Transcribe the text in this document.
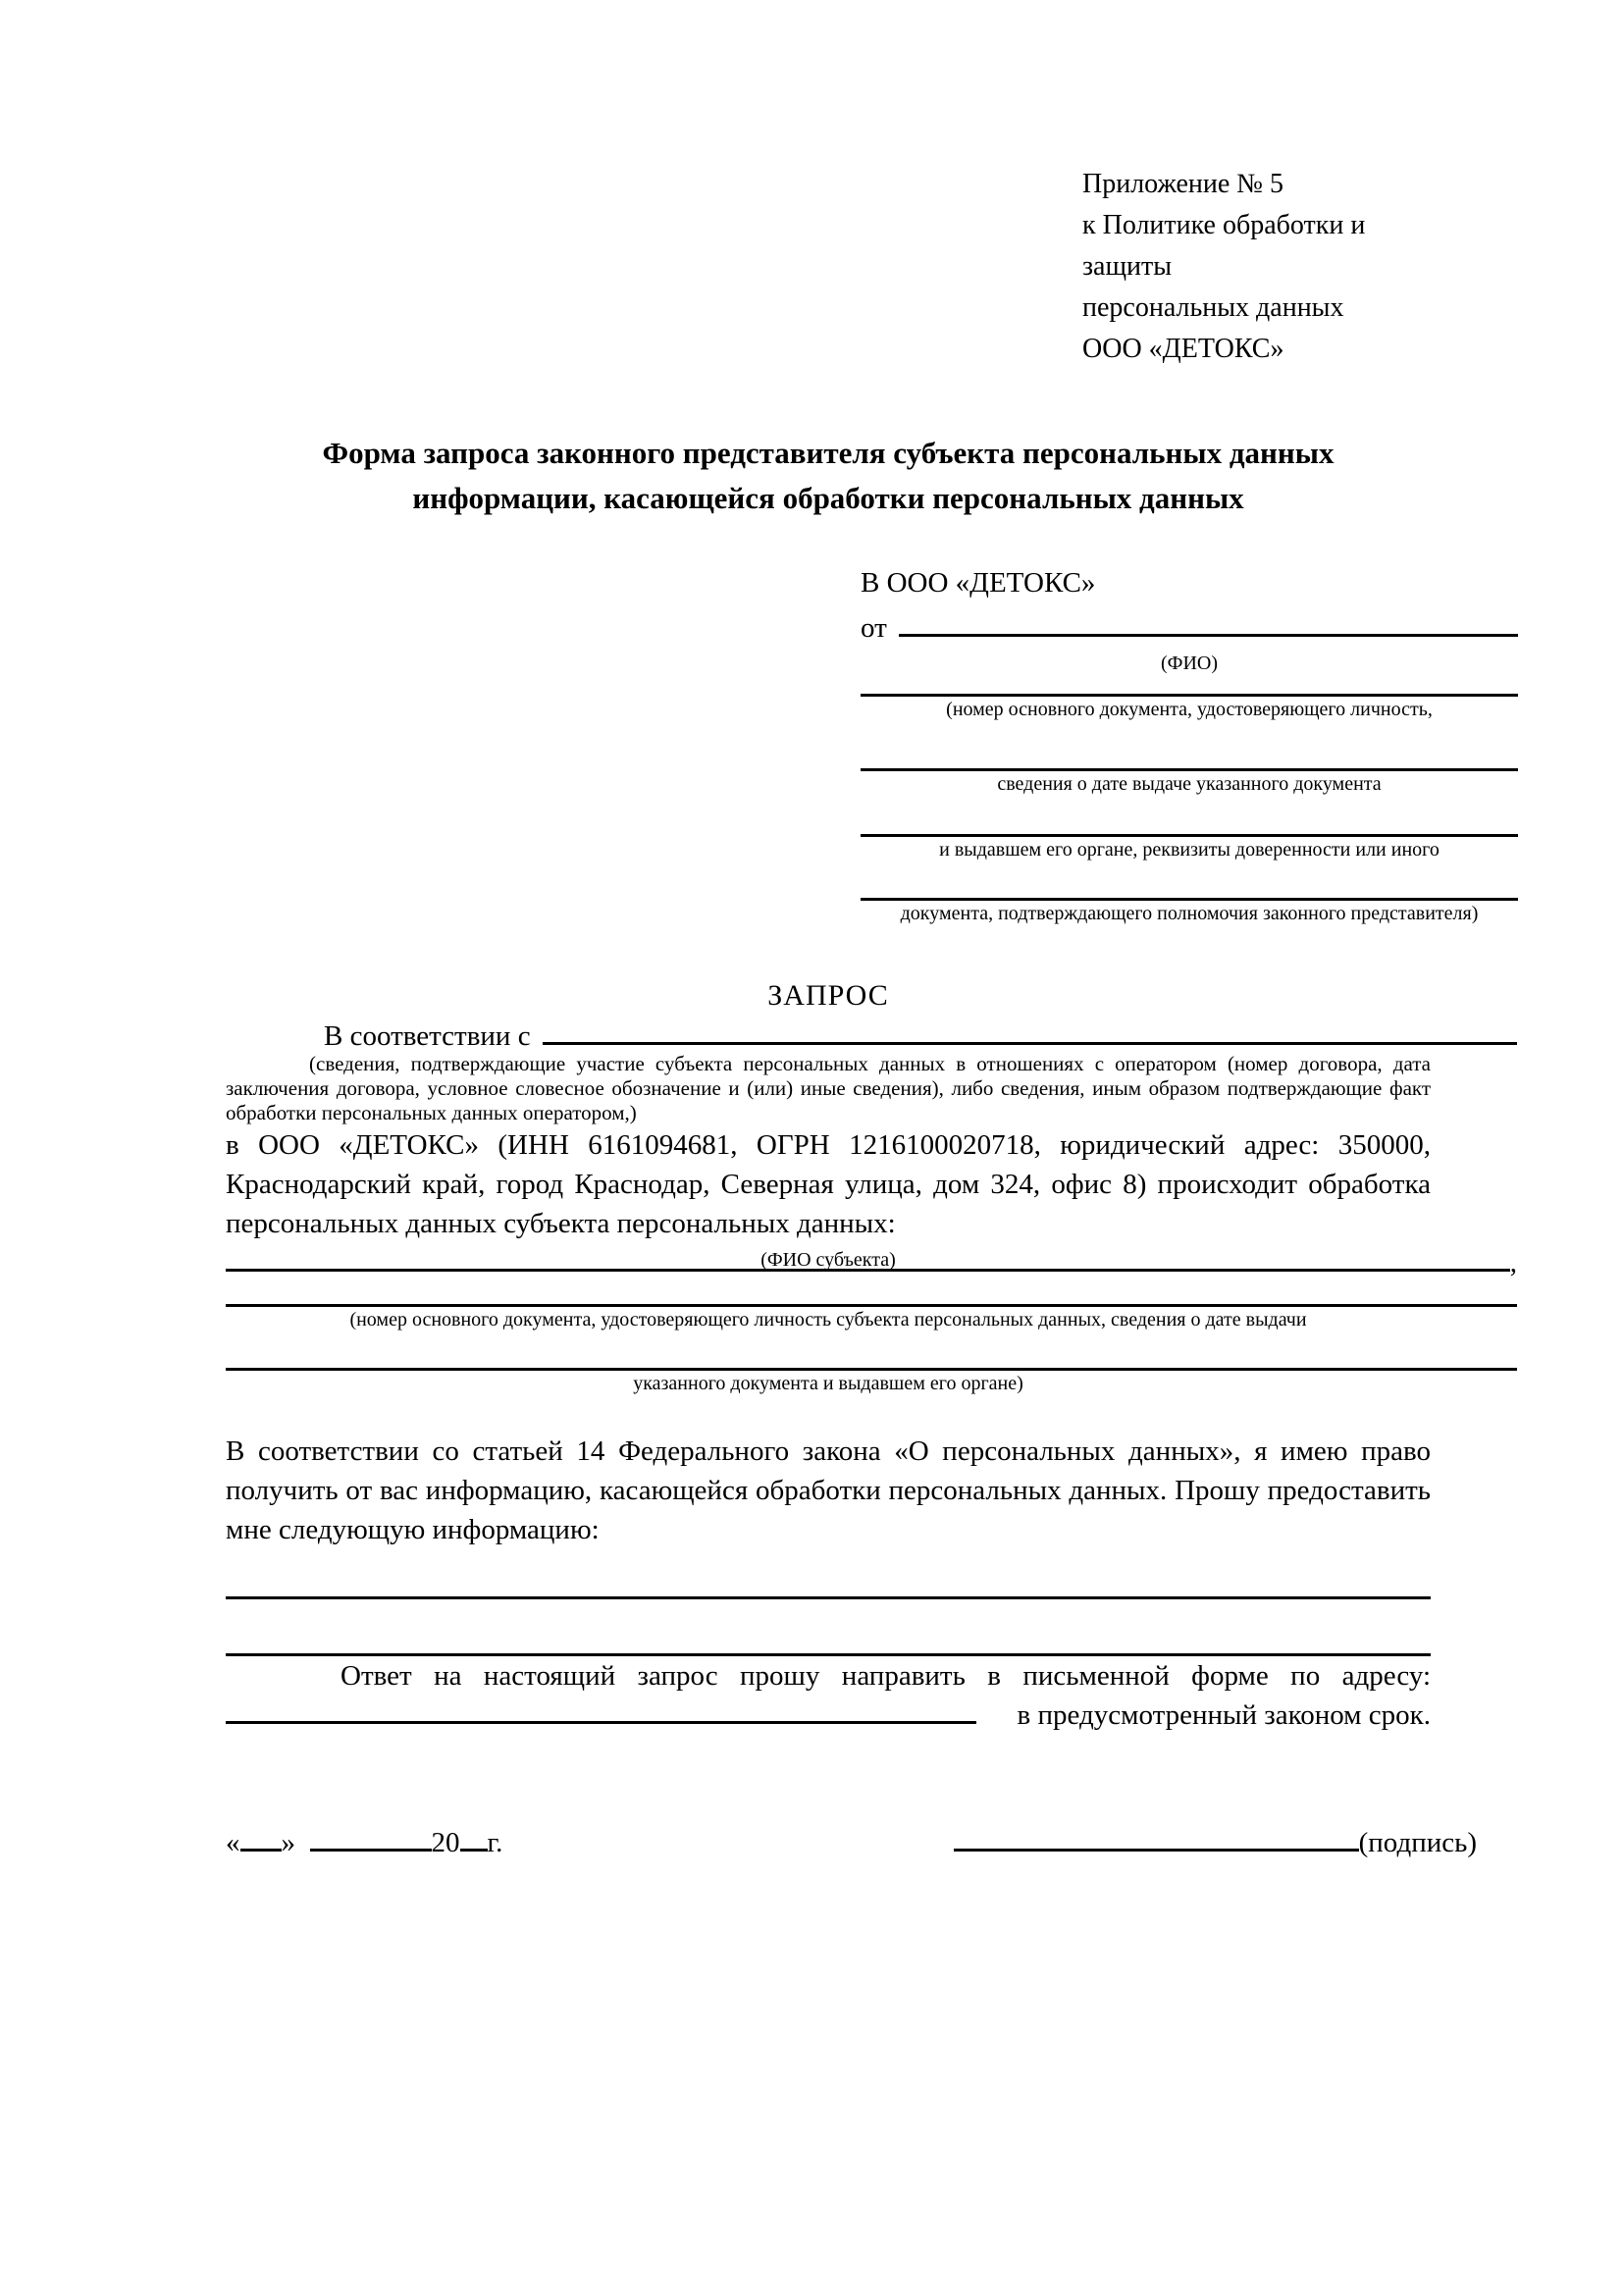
Приложение № 5
к Политике обработки и защиты
персональных данных
ООО «ДЕТОКС»
Форма запроса законного представителя субъекта персональных данных
информации, касающейся обработки персональных данных
В ООО «ДЕТОКС»
от
(ФИО)
(номер основного документа, удостоверяющего личность,
сведения о дате выдаче указанного документа
и выдавшем его органе, реквизиты доверенности или иного
документа, подтверждающего полномочия законного представителя)
ЗАПРОС
В соответствии с
(сведения, подтверждающие участие субъекта персональных данных в отношениях с оператором (номер договора, дата заключения договора, условное словесное обозначение и (или) иные сведения), либо сведения, иным образом подтверждающие факт обработки персональных данных оператором,)
в ООО «ДЕТОКС» (ИНН 6161094681, ОГРН 1216100020718, юридический адрес: 350000, Краснодарский край, город Краснодар, Северная улица, дом 324, офис 8) происходит обработка персональных данных субъекта персональных данных:
,
(ФИО субъекта)
(номер основного документа, удостоверяющего личность субъекта персональных данных, сведения о дате выдачи
указанного документа и выдавшем его органе)
В соответствии со статьей 14 Федерального закона «О персональных данных», я имею право получить от вас информацию, касающейся обработки персональных данных. Прошу предоставить мне следующую информацию:
Ответ на настоящий запрос прошу направить в письменной форме по адресу:
в предусмотренный законом срок.
« »	20 г.	(подпись)
